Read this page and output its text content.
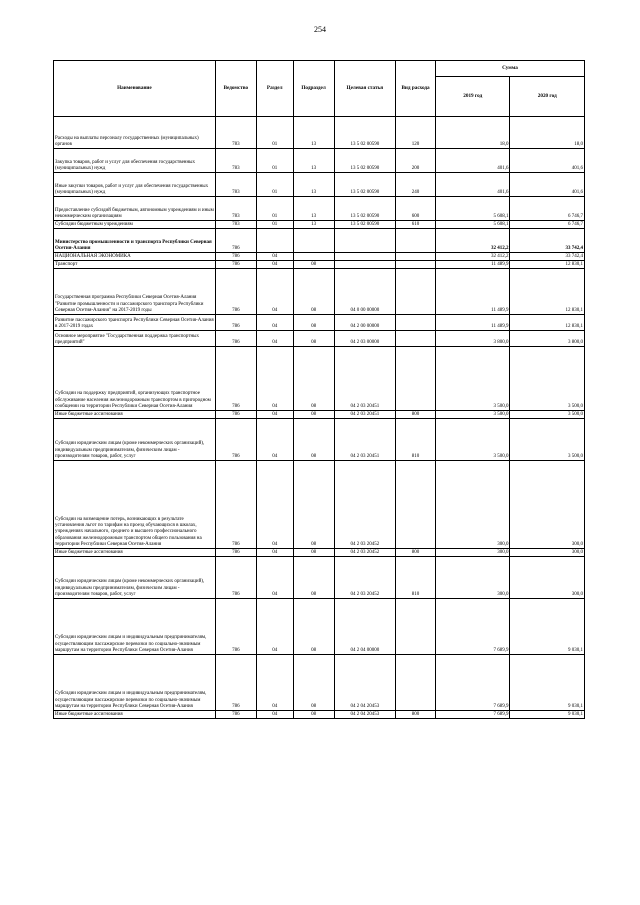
254
Наименование	Ведомство	Раздел	Подраздел	Целевая статья	Вид расхода	Сумма	
						2019 год	2020 год
Расходы на выплаты персоналу государственных (муниципальных) органов	783	01	13	13 5 02 00590	120	18,0	18,0
Закупка товаров, работ и услуг для обеспечения государственных (муниципальных) нужд	783	01	13	13 5 02 00590	200	401,6	401,6
Иные закупки товаров, работ и услуг для обеспечения государственных (муниципальных) нужд	783	01	13	13 5 02 00590	240	401,6	401,6
Предоставление субсидий бюджетным, автономным учреждениям и иным некоммерческим организациям	783	01	13	13 5 02 00590	600	5 608,1	6 746,7
Субсидии бюджетным учреждениям	783	01	13	13 5 02 00590	610	5 608,1	6 746,7
Министерство промышленности и транспорта Республики Северная Осетия-Алания	786					32 412,2	33 742,4
НАЦИОНАЛЬНАЯ ЭКОНОМИКА	786	04				32 412,2	33 742,4
Транспорт	786	04	08			11 489,9	12 830,1
Государственная программа Республики Северная Осетия-Алания "Развитие промышленности и пассажирского транспорта Республики Северная Осетия-Алания" на 2017-2019 годы	786	04	08	04 0 00 00000		11 489,9	12 830,1
Развитие пассажирского транспорта Республики Северная Осетия-Алания в 2017-2019 годах	786	04	08	04 2 00 00000		11 489,9	12 830,1
Основное мероприятие "Государственная поддержка транспортных предприятий"	786	04	08	04 2 03 00000		3 800,0	3 800,0
Субсидии на поддержку предприятий, организующих транспортное обслуживание населения железнодорожным транспортом в пригородном сообщении на территории Республики Северная Осетия-Алания	786	04	08	04 2 03 20451		3 500,0	3 500,0
Иные бюджетные ассигнования	786	04	08	04 2 03 20451	800	3 500,0	3 500,0
Субсидии юридическим лицам (кроме некоммерческих организаций), индивидуальным предпринимателям, физическим лицам - производителям товаров, работ, услуг	786	04	08	04 2 03 20451	810	3 500,0	3 500,0
Субсидии на возмещение потерь, возникающих в результате установления льгот по тарифам на проезд обучающихся в школах, учреждениях начального, среднего и высшего профессионального образования железнодорожным транспортом общего пользования на территории Республики Северная Осетия-Алания	786	04	08	04 2 03 20452		300,0	300,0
Иные бюджетные ассигнования	786	04	08	04 2 03 20452	800	300,0	300,0
Субсидии юридическим лицам (кроме некоммерческих организаций), индивидуальным предпринимателям, физическим лицам - производителям товаров, работ, услуг	786	04	08	04 2 03 20452	810	300,0	300,0
Субсидии юридическим лицам и индивидуальным предпринимателям, осуществляющим пассажирские перевозки по социально-значимым маршрутам на территории Республики Северная Осетия-Алания	786	04	08	04 2 04 00000		7 689,9	9 030,1
Субсидии юридическим лицам и индивидуальным предпринимателям, осуществляющим пассажирские перевозки по социально-значимым маршрутам на территории Республики Северная Осетия-Алания	786	04	08	04 2 04 20453		7 689,9	9 030,1
Иные бюджетные ассигнования	786	04	08	04 2 04 20453	800	7 689,9	9 030,1
